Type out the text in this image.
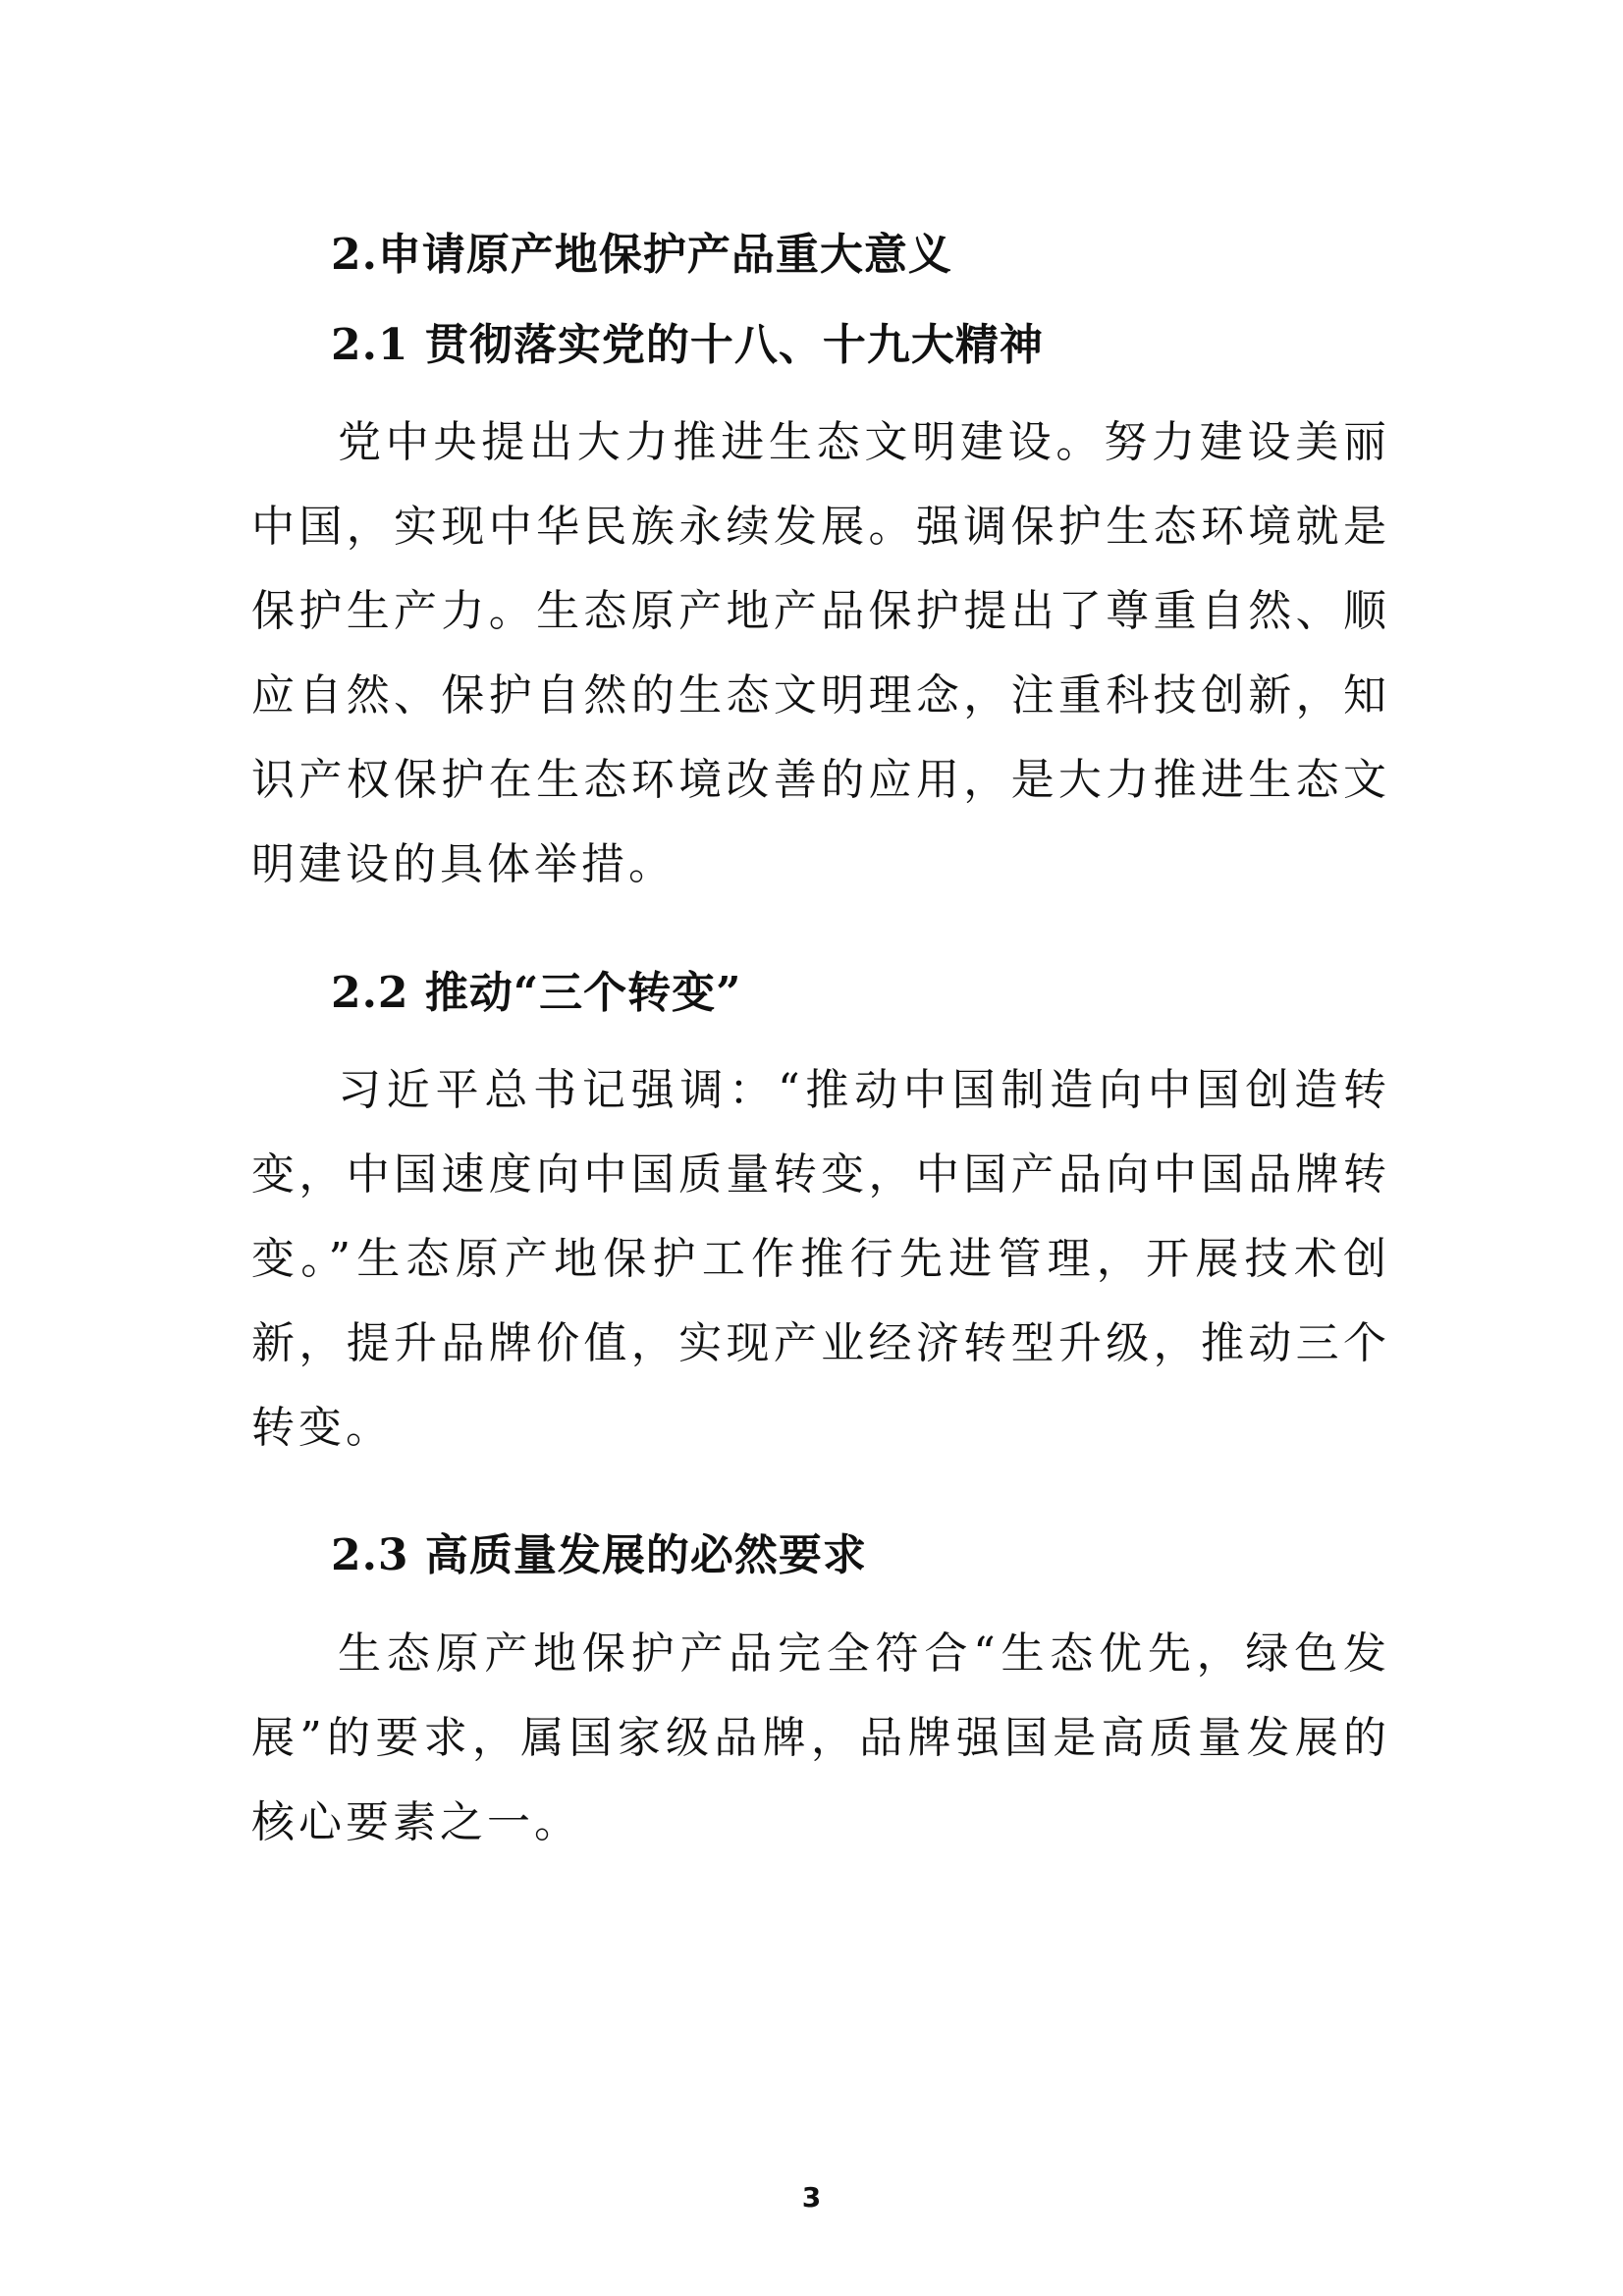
2.申请原产地保护产品重大意义
2.1 贯彻落实党的十八、十九大精神

党中央提出大力推进生态文明建设。努力建设美丽中国，实现中华民族永续发展。强调保护生态环境就是保护生产力。生态原产地产品保护提出了尊重自然、顺应自然、保护自然的生态文明理念，注重科技创新，知识产权保护在生态环境改善的应用，是大力推进生态文明建设的具体举措。

2.2 推动“三个转变”

习近平总书记强调：“推动中国制造向中国创造转变，中国速度向中国质量转变，中国产品向中国品牌转变。”生态原产地保护工作推行先进管理，开展技术创新，提升品牌价值，实现产业经济转型升级，推动三个转变。

2.3 高质量发展的必然要求

生态原产地保护产品完全符合“生态优先，绿色发展”的要求，属国家级品牌，品牌强国是高质量发展的核心要素之一。

3
